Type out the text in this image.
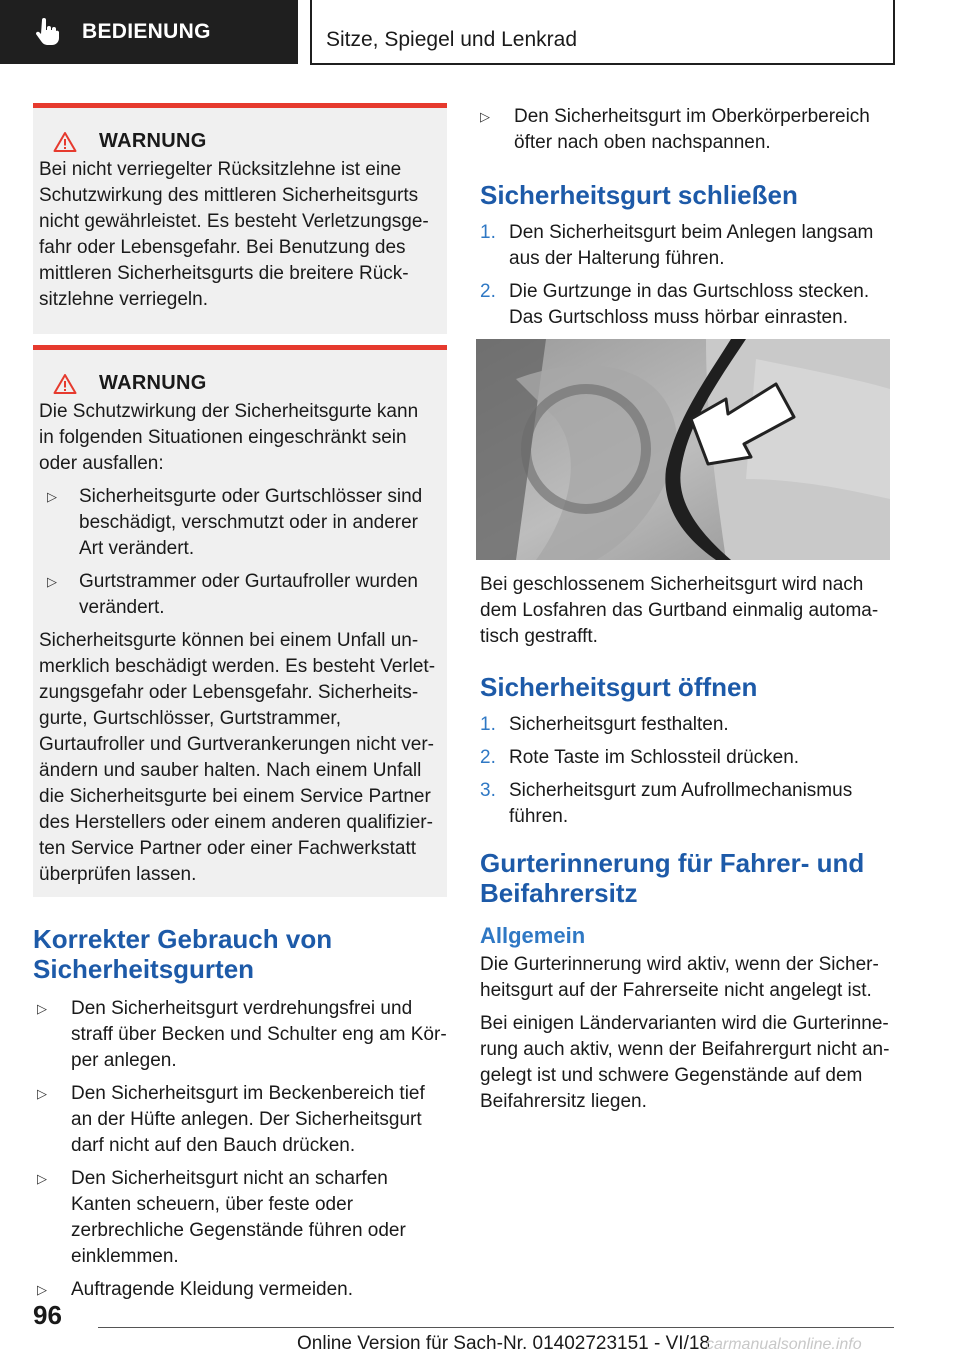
BEDIENUNG	Sitze, Spiegel und Lenkrad
WARNUNG

Bei nicht verriegelter Rücksitzlehne ist eine Schutzwirkung des mittleren Sicherheitsgurts nicht gewährleistet. Es besteht Verletzungsgefahr oder Lebensgefahr. Bei Benutzung des mittleren Sicherheitsgurts die breitere Rücksitzlehne verriegeln.

WARNUNG

Die Schutzwirkung der Sicherheitsgurte kann in folgenden Situationen eingeschränkt sein oder ausfallen:

▷ Sicherheitsgurte oder Gurtschlösser sind beschädigt, verschmutzt oder in anderer Art verändert.
▷ Gurtstrammer oder Gurtaufroller wurden verändert.

Sicherheitsgurte können bei einem Unfall unmerklich beschädigt werden. Es besteht Verletzungsgefahr oder Lebensgefahr. Sicherheitsgurte, Gurtschlösser, Gurtstrammer, Gurtaufroller und Gurtverankerungen nicht verändern und sauber halten. Nach einem Unfall die Sicherheitsgurte bei einem Service Partner des Herstellers oder einem anderen qualifizierten Service Partner oder einer Fachwerkstatt überprüfen lassen.

Korrekter Gebrauch von Sicherheitsgurten
▷ Den Sicherheitsgurt verdrehungsfrei und straff über Becken und Schulter eng am Körper anlegen.
▷ Den Sicherheitsgurt im Beckenbereich tief an der Hüfte anlegen. Der Sicherheitsgurt darf nicht auf den Bauch drücken.
▷ Den Sicherheitsgurt nicht an scharfen Kanten scheuern, über feste oder zerbrechliche Gegenstände führen oder einklemmen.
▷ Auftragende Kleidung vermeiden.
▷ Den Sicherheitsgurt im Oberkörperbereich öfter nach oben nachspannen.
Sicherheitsgurt schließen
1. Den Sicherheitsgurt beim Anlegen langsam aus der Halterung führen.
2. Die Gurtzunge in das Gurtschloss stecken. Das Gurtschloss muss hörbar einrasten.

Bei geschlossenem Sicherheitsgurt wird nach dem Losfahren das Gurtband einmalig automatisch gestrafft.

Sicherheitsgurt öffnen
1. Sicherheitsgurt festhalten.
2. Rote Taste im Schlossteil drücken.
3. Sicherheitsgurt zum Aufrollmechanismus führen.
Gurterinnerung für Fahrer- und Beifahrersitz
Allgemein

Die Gurterinnerung wird aktiv, wenn der Sicherheitsgurt auf der Fahrerseite nicht angelegt ist.

Bei einigen Ländervarianten wird die Gurterinnerung auch aktiv, wenn der Beifahrergurt nicht angelegt ist und schwere Gegenstände auf dem Beifahrersitz liegen.

96
Online Version für Sach-Nr. 01402723151 - VI/18
carmanualsonline.info
